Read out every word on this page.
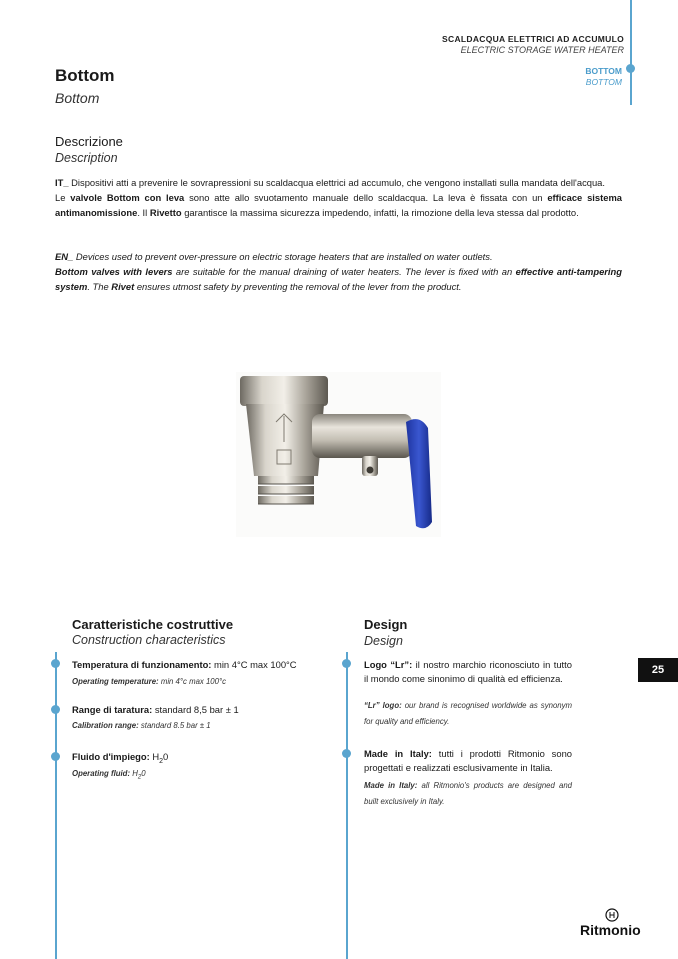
SCALDACQUA ELETTRICI AD ACCUMULO
ELECTRIC STORAGE WATER HEATER
BOTTOM
BOTTOM
Bottom
Bottom
Descrizione
Description
IT_ Dispositivi atti a prevenire le sovrapressioni su scaldacqua elettrici ad accumulo, che vengono installati sulla mandata dell'acqua.
Le valvole Bottom con leva sono atte allo svuotamento manuale dello scaldacqua. La leva è fissata con un efficace sistema antimanomissione. Il Rivetto garantisce la massima sicurezza impedendo, infatti, la rimozione della leva stessa dal prodotto.
EN_ Devices used to prevent over-pressure on electric storage heaters that are installed on water outlets.
Bottom valves with levers are suitable for the manual draining of water heaters. The lever is fixed with an effective anti-tampering system. The Rivet ensures utmost safety by preventing the removal of the lever from the product.
Caratteristiche costruttive
Construction characteristics
Temperatura di funzionamento: min 4°C max 100°C
Operating temperature: min 4°c max 100°c
Range di taratura: standard 8,5 bar ± 1
Calibration range: standard 8.5 bar ± 1
Fluido d'impiego: $H_20$
Operating fluid: $H_20$
Design
Design
Logo “Lr”: il nostro marchio riconosciuto in tutto il mondo come sinonimo di qualità ed efficienza.
“Lr” logo: our brand is recognised worldwide as synonym for quality and efficiency.
Made in Italy: tutti i prodotti Ritmonio sono progettati e realizzati esclusivamente in Italia.
Made in Italy: all Ritmonio's products are designed and built exclusively in Italy.
25
Ritmonio
